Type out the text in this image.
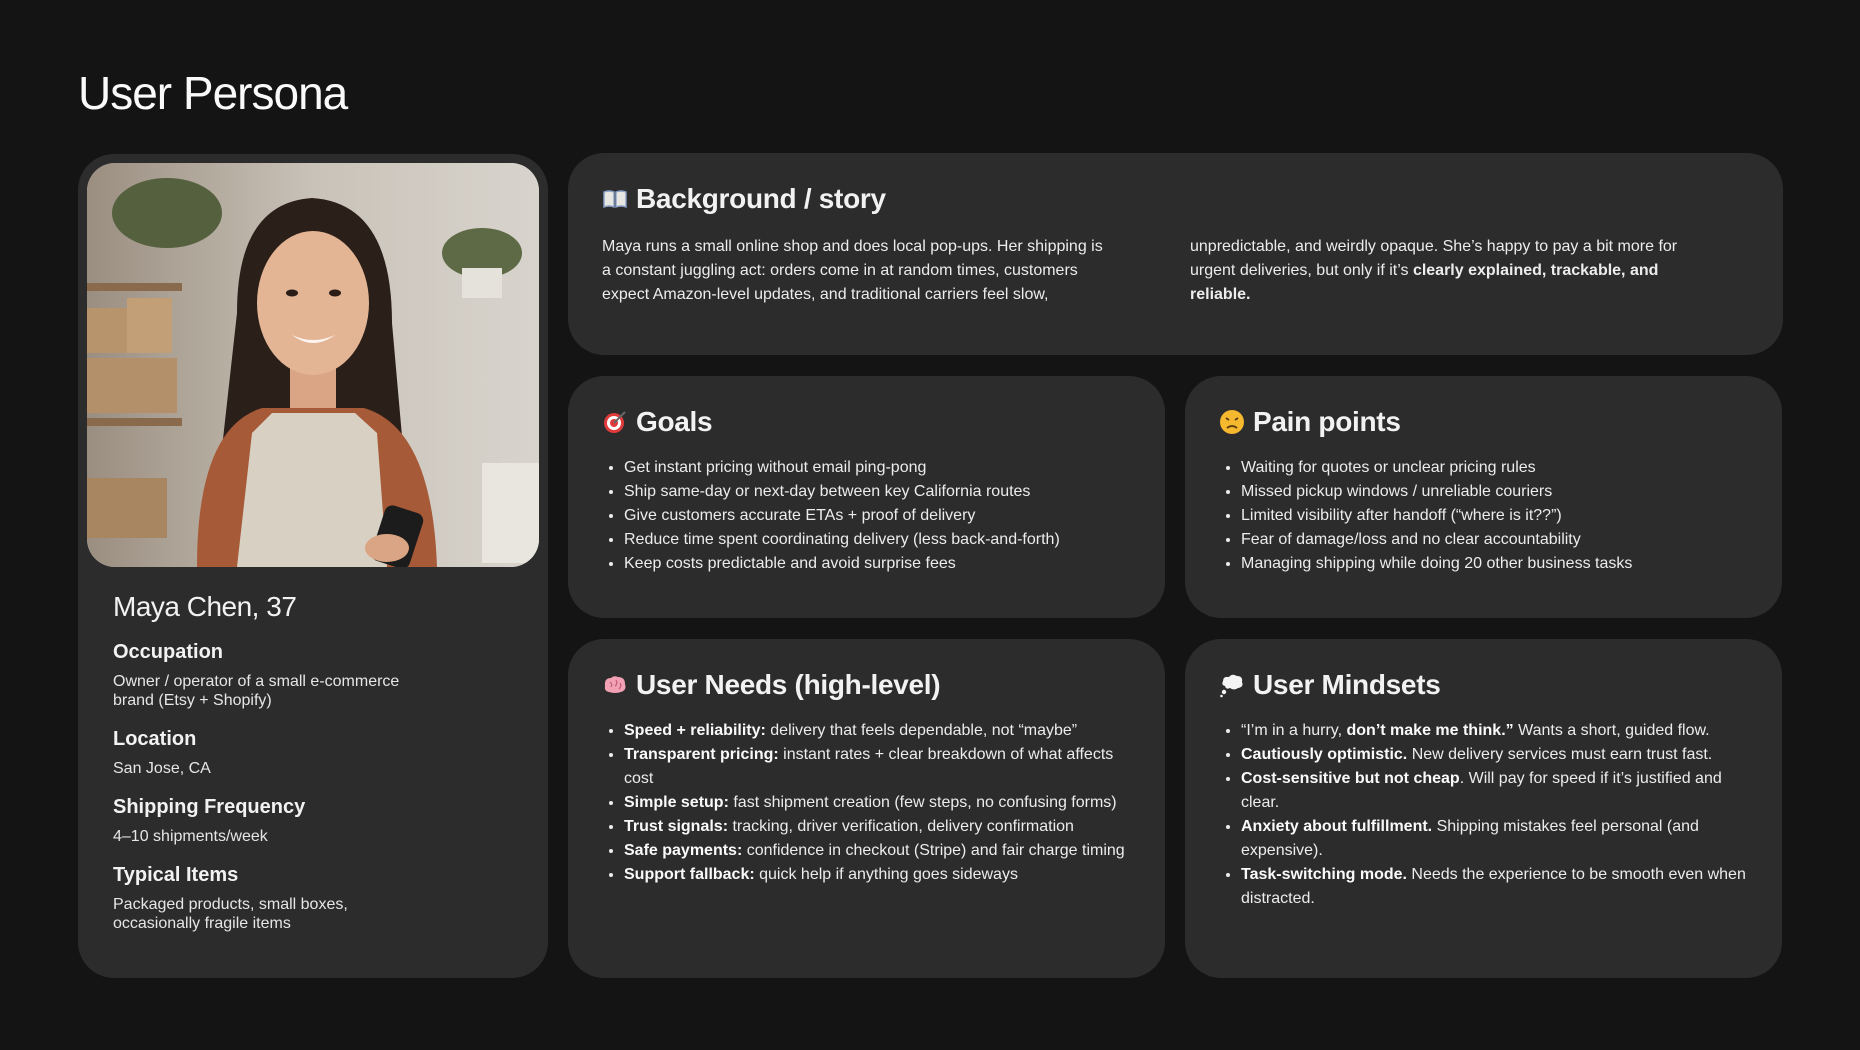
User Persona

Maya Chen, 37

Occupation

Owner / operator of a small e-commerce brand (Etsy + Shopify)

Location

San Jose, CA

Shipping Frequency

4–10 shipments/week

Typical Items

Packaged products, small boxes, occasionally fragile items

Background / story
Maya runs a small online shop and does local pop-ups. Her shipping is a constant juggling act: orders come in at random times, customers expect Amazon-level updates, and traditional carriers feel slow,
unpredictable, and weirdly opaque. She’s happy to pay a bit more for urgent deliveries, but only if it’s clearly explained, trackable, and reliable.
Goals
• Get instant pricing without email ping-pong
• Ship same-day or next-day between key California routes
• Give customers accurate ETAs + proof of delivery
• Reduce time spent coordinating delivery (less back-and-forth)
• Keep costs predictable and avoid surprise fees
Pain points
• Waiting for quotes or unclear pricing rules
• Missed pickup windows / unreliable couriers
• Limited visibility after handoff (“where is it??”)
• Fear of damage/loss and no clear accountability
• Managing shipping while doing 20 other business tasks
User Needs (high-level)
• Speed + reliability: delivery that feels dependable, not “maybe”
• Transparent pricing: instant rates + clear breakdown of what affects cost
• Simple setup: fast shipment creation (few steps, no confusing forms)
• Trust signals: tracking, driver verification, delivery confirmation
• Safe payments: confidence in checkout (Stripe) and fair charge timing
• Support fallback: quick help if anything goes sideways
User Mindsets
• “I’m in a hurry, don’t make me think.” Wants a short, guided flow.
• Cautiously optimistic. New delivery services must earn trust fast.
• Cost-sensitive but not cheap. Will pay for speed if it’s justified and clear.
• Anxiety about fulfillment. Shipping mistakes feel personal (and expensive).
• Task-switching mode. Needs the experience to be smooth even when distracted.
